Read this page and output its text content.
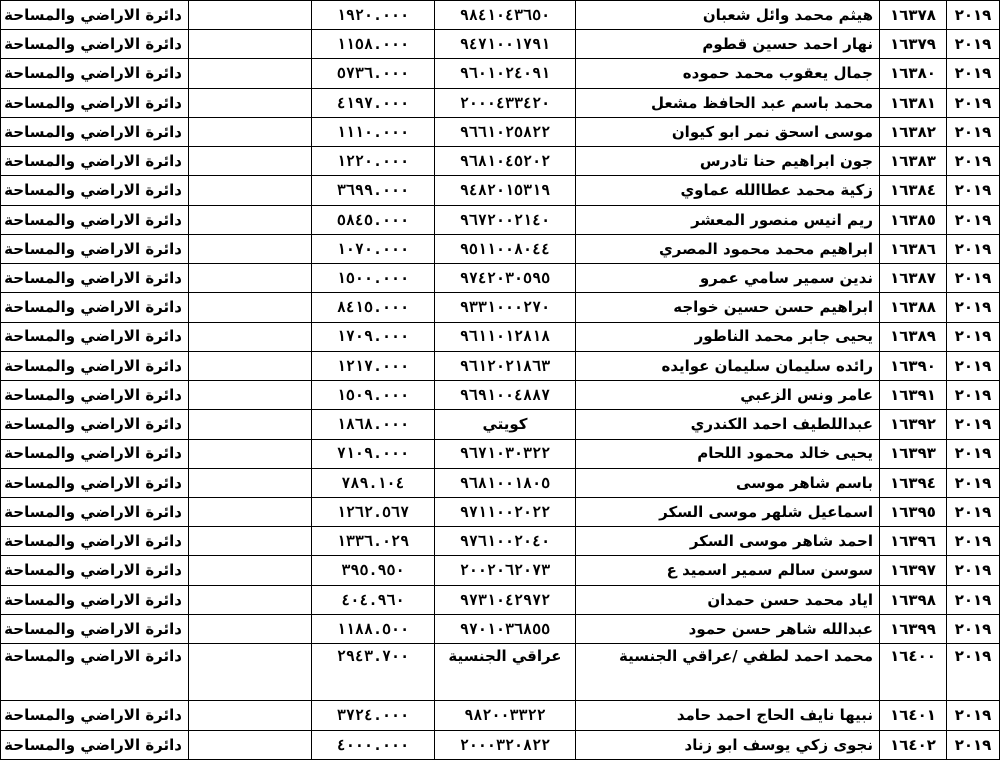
٢٠١٩	١٦٣٧٨	هيثم محمد وائل شعبان	٩٨٤١٠٤٣٦٥٠	١٩٢٠.٠٠٠		دائرة الاراضي والمساحة
٢٠١٩	١٦٣٧٩	نهار احمد حسين قطوم	٩٤٧١٠٠١٧٩١	١١٥٨.٠٠٠		دائرة الاراضي والمساحة
٢٠١٩	١٦٣٨٠	جمال يعقوب محمد حموده	٩٦٠١٠٢٤٠٩١	٥٧٣٦.٠٠٠		دائرة الاراضي والمساحة
٢٠١٩	١٦٣٨١	محمد باسم عبد الحافظ مشعل	٢٠٠٠٤٣٣٤٢٠	٤١٩٧.٠٠٠		دائرة الاراضي والمساحة
٢٠١٩	١٦٣٨٢	موسى اسحق نمر ابو كيوان	٩٦٦١٠٢٥٨٢٢	١١١٠.٠٠٠		دائرة الاراضي والمساحة
٢٠١٩	١٦٣٨٣	جون ابراهيم حنا تادرس	٩٦٨١٠٤٥٢٠٢	١٢٢٠.٠٠٠		دائرة الاراضي والمساحة
٢٠١٩	١٦٣٨٤	زكية محمد عطاالله عماوي	٩٤٨٢٠١٥٣١٩	٣٦٩٩.٠٠٠		دائرة الاراضي والمساحة
٢٠١٩	١٦٣٨٥	ريم انيس منصور المعشر	٩٦٧٢٠٠٢١٤٠	٥٨٤٥.٠٠٠		دائرة الاراضي والمساحة
٢٠١٩	١٦٣٨٦	ابراهيم محمد محمود المصري	٩٥١١٠٠٨٠٤٤	١٠٧٠.٠٠٠		دائرة الاراضي والمساحة
٢٠١٩	١٦٣٨٧	ندين سمير سامي عمرو	٩٧٤٢٠٣٠٥٩٥	١٥٠٠.٠٠٠		دائرة الاراضي والمساحة
٢٠١٩	١٦٣٨٨	ابراهيم حسن حسين خواجه	٩٣٣١٠٠٠٢٧٠	٨٤١٥.٠٠٠		دائرة الاراضي والمساحة
٢٠١٩	١٦٣٨٩	يحيى جابر محمد الناطور	٩٦١١٠١٢٨١٨	١٧٠٩.٠٠٠		دائرة الاراضي والمساحة
٢٠١٩	١٦٣٩٠	رائده سليمان سليمان عوايده	٩٦١٢٠٢١٨٦٣	١٢١٧.٠٠٠		دائرة الاراضي والمساحة
٢٠١٩	١٦٣٩١	عامر ونس الزعبي	٩٦٩١٠٠٤٨٨٧	١٥٠٩.٠٠٠		دائرة الاراضي والمساحة
٢٠١٩	١٦٣٩٢	عبداللطيف احمد الكندري	كويتي	١٨٦٨.٠٠٠		دائرة الاراضي والمساحة
٢٠١٩	١٦٣٩٣	يحيى خالد محمود اللحام	٩٦٧١٠٣٠٣٢٢	٧١٠٩.٠٠٠		دائرة الاراضي والمساحة
٢٠١٩	١٦٣٩٤	باسم شاهر موسى	٩٦٨١٠٠١٨٠٥	٧٨٩.١٠٤		دائرة الاراضي والمساحة
٢٠١٩	١٦٣٩٥	اسماعيل شلهر موسى السكر	٩٧١١٠٠٢٠٢٢	١٢٦٢.٥٦٧		دائرة الاراضي والمساحة
٢٠١٩	١٦٣٩٦	احمد شاهر موسى السكر	٩٧٦١٠٠٢٠٤٠	١٣٣٦.٠٢٩		دائرة الاراضي والمساحة
٢٠١٩	١٦٣٩٧	سوسن سالم سمير اسميد ع	٢٠٠٢٠٦٢٠٧٣	٣٩٥.٩٥٠		دائرة الاراضي والمساحة
٢٠١٩	١٦٣٩٨	اياد محمد حسن حمدان	٩٧٣١٠٤٢٩٧٢	٤٠٤.٩٦٠		دائرة الاراضي والمساحة
٢٠١٩	١٦٣٩٩	عبدالله شاهر حسن حمود	٩٧٠١٠٣٦٨٥٥	١١٨٨.٥٠٠		دائرة الاراضي والمساحة
٢٠١٩	١٦٤٠٠	محمد احمد لطفي /عراقي الجنسية	عراقي الجنسية	٢٩٤٣.٧٠٠		دائرة الاراضي والمساحة
٢٠١٩	١٦٤٠١	نبيها نايف الحاج احمد حامد	٩٨٢٠٠٣٣٢٢	٣٧٢٤.٠٠٠		دائرة الاراضي والمساحة
٢٠١٩	١٦٤٠٢	نجوى زكي يوسف ابو زناد	٢٠٠٠٣٢٠٨٢٢	٤٠٠٠.٠٠٠		دائرة الاراضي والمساحة
